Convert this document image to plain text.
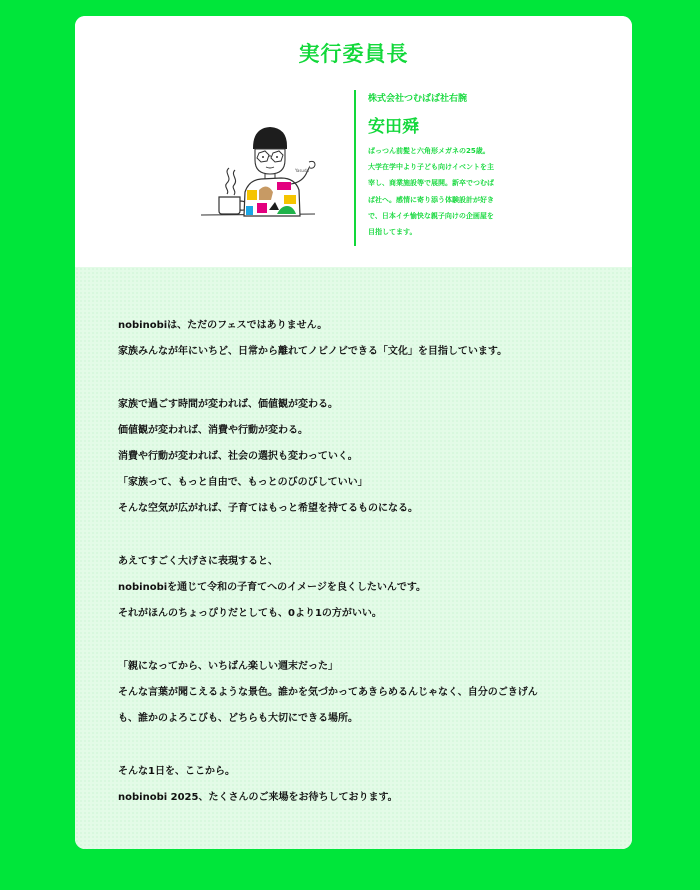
実行委員長
Yasuda
株式会社つむぱぱ社右腕
安田舜
ぱっつん前髪と六角形メガネの25歳。
大学在学中より子ども向けイベントを主
宰し、商業施設等で展開。新卒でつむぱ
ぱ社へ。感情に寄り添う体験設計が好き
で、日本イチ愉快な親子向けの企画屋を
目指してます。
nobinobiは、ただのフェスではありません。
家族みんなが年にいちど、日常から離れてノビノビできる「文化」を目指しています。
家族で過ごす時間が変われば、価値観が変わる。
価値観が変われば、消費や行動が変わる。
消費や行動が変われば、社会の選択も変わっていく。
「家族って、もっと自由で、もっとのびのびしていい」
そんな空気が広がれば、子育てはもっと希望を持てるものになる。
あえてすごく大げさに表現すると、
nobinobiを通じて令和の子育てへのイメージを良くしたいんです。
それがほんのちょっぴりだとしても、0より1の方がいい。
「親になってから、いちばん楽しい週末だった」
そんな言葉が聞こえるような景色。誰かを気づかってあきらめるんじゃなく、自分のごきげん
も、誰かのよろこびも、どちらも大切にできる場所。
そんな1日を、ここから。
nobinobi 2025、たくさんのご来場をお待ちしております。
